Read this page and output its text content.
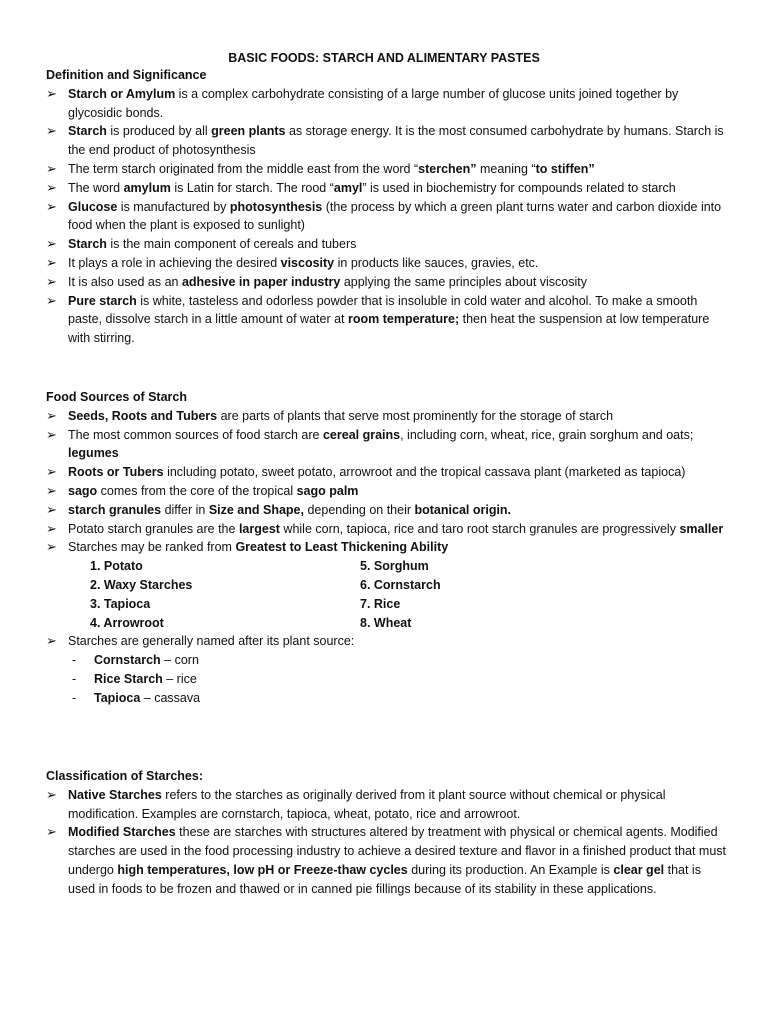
BASIC FOODS: STARCH AND ALIMENTARY PASTES
Definition and Significance
➢ Starch or Amylum is a complex carbohydrate consisting of a large number of glucose units joined together by glycosidic bonds.
➢ Starch is produced by all green plants as storage energy. It is the most consumed carbohydrate by humans. Starch is the end product of photosynthesis
➢ The term starch originated from the middle east from the word “sterchen” meaning “to stiffen”
➢ The word amylum is Latin for starch. The rood “amyl” is used in biochemistry for compounds related to starch
➢ Glucose is manufactured by photosynthesis (the process by which a green plant turns water and carbon dioxide into food when the plant is exposed to sunlight)
➢ Starch is the main component of cereals and tubers
➢ It plays a role in achieving the desired viscosity in products like sauces, gravies, etc.
➢ It is also used as an adhesive in paper industry applying the same principles about viscosity
➢ Pure starch is white, tasteless and odorless powder that is insoluble in cold water and alcohol. To make a smooth paste, dissolve starch in a little amount of water at room temperature; then heat the suspension at low temperature with stirring.
Food Sources of Starch
➢ Seeds, Roots and Tubers are parts of plants that serve most prominently for the storage of starch
➢ The most common sources of food starch are cereal grains, including corn, wheat, rice, grain sorghum and oats; legumes
➢ Roots or Tubers including potato, sweet potato, arrowroot and the tropical cassava plant (marketed as tapioca)
➢ sago comes from the core of the tropical sago palm
➢ starch granules differ in Size and Shape, depending on their botanical origin.
➢ Potato starch granules are the largest while corn, tapioca, rice and taro root starch granules are progressively smaller
➢ Starches may be ranked from Greatest to Least Thickening Ability
1. Potato	5. Sorghum
2. Waxy Starches	6. Cornstarch
3. Tapioca	7. Rice
4. Arrowroot	8. Wheat
➢ Starches are generally named after its plant source:
- Cornstarch – corn
- Rice Starch – rice
- Tapioca – cassava
Classification of Starches:
➢ Native Starches refers to the starches as originally derived from it plant source without chemical or physical modification. Examples are cornstarch, tapioca, wheat, potato, rice and arrowroot.
➢ Modified Starches these are starches with structures altered by treatment with physical or chemical agents. Modified starches are used in the food processing industry to achieve a desired texture and flavor in a finished product that must undergo high temperatures, low pH or Freeze-thaw cycles during its production. An Example is clear gel that is used in foods to be frozen and thawed or in canned pie fillings because of its stability in these applications.
